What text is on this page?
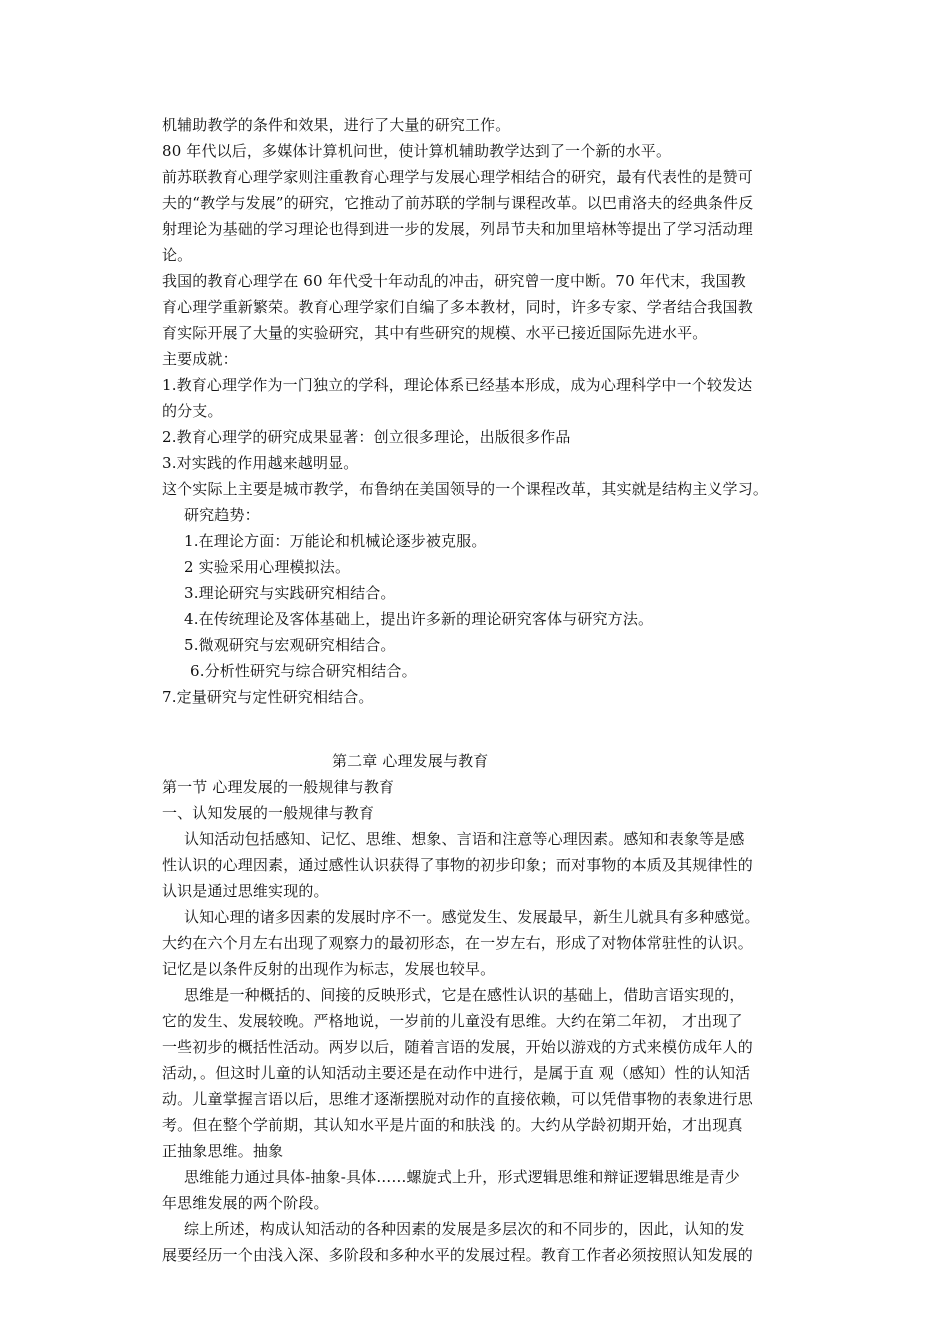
机辅助教学的条件和效果，进行了大量的研究工作。
80 年代以后，多媒体计算机问世，使计算机辅助教学达到了一个新的水平。
前苏联教育心理学家则注重教育心理学与发展心理学相结合的研究，最有代表性的是赞可
夫的“教学与发展”的研究，它推动了前苏联的学制与课程改革。以巴甫洛夫的经典条件反
射理论为基础的学习理论也得到进一步的发展，列昂节夫和加里培林等提出了学习活动理
论。
我国的教育心理学在 60 年代受十年动乱的冲击，研究曾一度中断。70 年代末，我国教
育心理学重新繁荣。教育心理学家们自编了多本教材，同时，许多专家、学者结合我国教
育实际开展了大量的实验研究，其中有些研究的规模、水平已接近国际先进水平。
主要成就：
1.教育心理学作为一门独立的学科，理论体系已经基本形成，成为心理科学中一个较发达
的分支。
2.教育心理学的研究成果显著：创立很多理论，出版很多作品
3.对实践的作用越来越明显。
这个实际上主要是城市教学，布鲁纳在美国领导的一个课程改革，其实就是结构主义学习。
研究趋势：
1.在理论方面：万能论和机械论逐步被克服。
2 实验采用心理模拟法。
3.理论研究与实践研究相结合。
4.在传统理论及客体基础上，提出许多新的理论研究客体与研究方法。
5.微观研究与宏观研究相结合。
6.分析性研究与综合研究相结合。
7.定量研究与定性研究相结合。
第二章 心理发展与教育
第一节 心理发展的一般规律与教育
一、认知发展的一般规律与教育
认知活动包括感知、记忆、思维、想象、言语和注意等心理因素。感知和表象等是感
性认识的心理因素，通过感性认识获得了事物的初步印象；而对事物的本质及其规律性的
认识是通过思维实现的。
认知心理的诸多因素的发展时序不一。感觉发生、发展最早，新生儿就具有多种感觉。
大约在六个月左右出现了观察力的最初形态，在一岁左右，形成了对物体常驻性的认识。
记忆是以条件反射的出现作为标志，发展也较早。
思维是一种概括的、间接的反映形式，它是在感性认识的基础上，借助言语实现的，
它的发生、发展较晚。严格地说，一岁前的儿童没有思维。大约在第二年初， 才出现了
一些初步的概括性活动。两岁以后，随着言语的发展，开始以游戏的方式来模仿成年人的
活动，。但这时儿童的认知活动主要还是在动作中进行，是属于直 观（感知）性的认知活
动。儿童掌握言语以后，思维才逐渐摆脱对动作的直接依赖，可以凭借事物的表象进行思
考。但在整个学前期，其认知水平是片面的和肤浅 的。大约从学龄初期开始，才出现真
正抽象思维。抽象
思维能力通过具体-抽象-具体……螺旋式上升，形式逻辑思维和辩证逻辑思维是青少
年思维发展的两个阶段。
综上所述，构成认知活动的各种因素的发展是多层次的和不同步的，因此，认知的发
展要经历一个由浅入深、多阶段和多种水平的发展过程。教育工作者必须按照认知发展的
